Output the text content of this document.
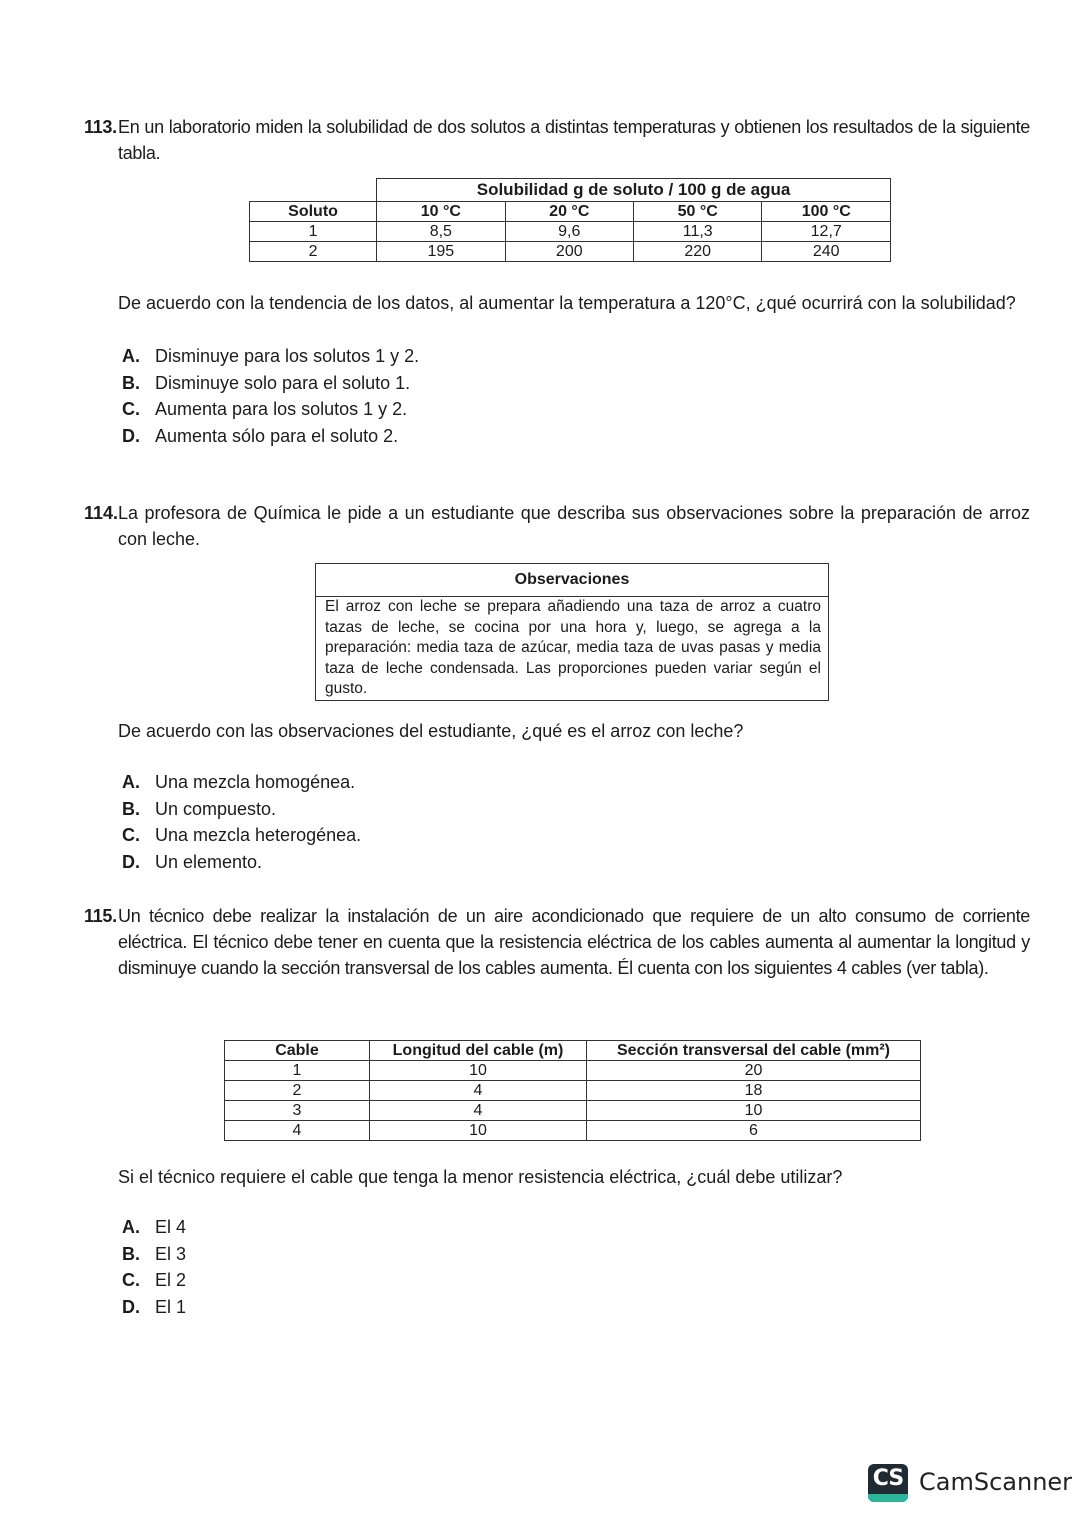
113.En un laboratorio miden la solubilidad de dos solutos a distintas temperaturas y obtienen los resultados de la siguiente tabla.

	Solubilidad g de soluto / 100 g de agua			
Soluto	10 °C	20 °C	50 °C	100 °C
1	8,5	9,6	11,3	12,7
2	195	200	220	240

De acuerdo con la tendencia de los datos, al aumentar la temperatura a 120°C, ¿qué ocurrirá con la solubilidad?

A. Disminuye para los solutos 1 y 2.
B. Disminuye solo para el soluto 1.
C. Aumenta para los solutos 1 y 2.
D. Aumenta sólo para el soluto 2.

114.La profesora de Química le pide a un estudiante que describa sus observaciones sobre la preparación de arroz con leche.

Observaciones
El arroz con leche se prepara añadiendo una taza de arroz a cuatro tazas de leche, se cocina por una hora y, luego, se agrega a la preparación: media taza de azúcar, media taza de uvas pasas y media taza de leche condensada. Las proporciones pueden variar según el gusto.

De acuerdo con las observaciones del estudiante, ¿qué es el arroz con leche?

A. Una mezcla homogénea.
B. Un compuesto.
C. Una mezcla heterogénea.
D. Un elemento.

115.Un técnico debe realizar la instalación de un aire acondicionado que requiere de un alto consumo de corriente eléctrica. El técnico debe tener en cuenta que la resistencia eléctrica de los cables aumenta al aumentar la longitud y disminuye cuando la sección transversal de los cables aumenta. Él cuenta con los siguientes 4 cables (ver tabla).

Cable	Longitud del cable (m)	Sección transversal del cable (mm²)
1	10	20
2	4	18
3	4	10
4	10	6

Si el técnico requiere el cable que tenga la menor resistencia eléctrica, ¿cuál debe utilizar?

A. El 4
B. El 3
C. El 2
D. El 1
CS CamScanner
